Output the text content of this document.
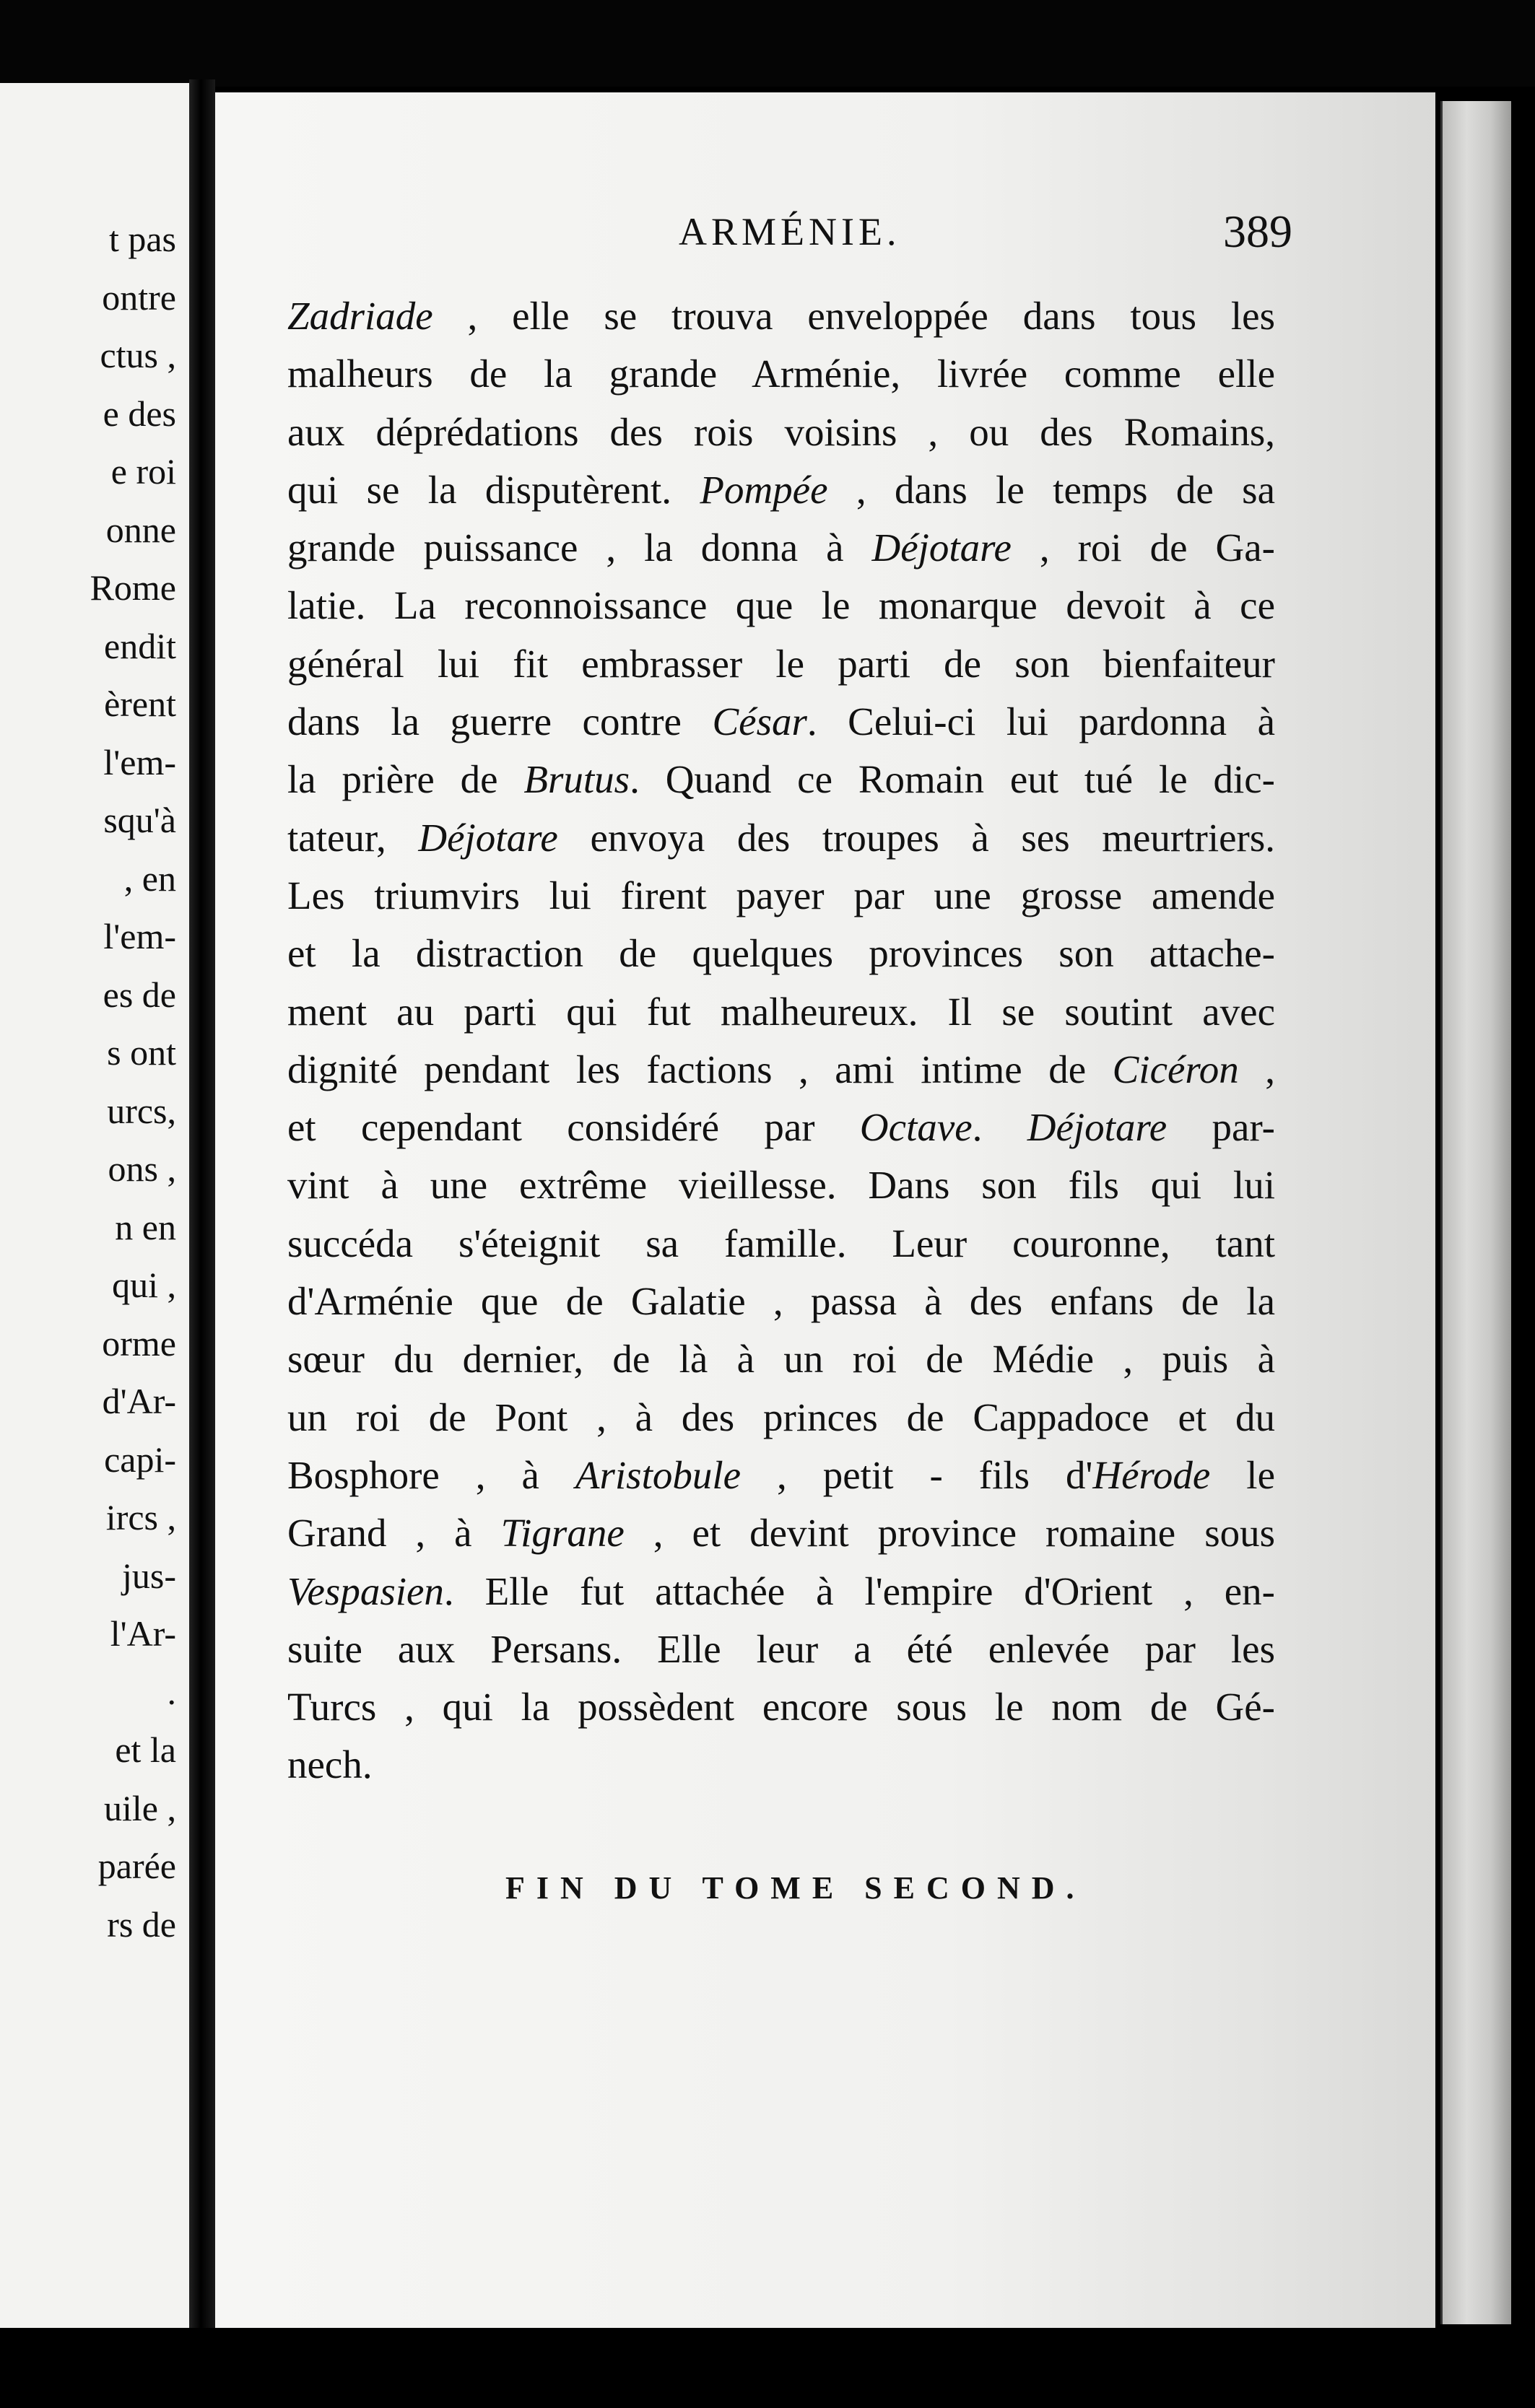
t pas
ontre
ctus ,
e des
e roi
onne
Rome
endit
èrent
l'em-
squ'à
, en
l'em-
es de
s ont
urcs,
ons ,
n en
qui ,
orme
d'Ar-
capi-
ircs ,
jus-
l'Ar-
.
et la
uile ,
parée
rs de
ARMÉNIE.	389
Zadriade , elle se trouva enveloppée dans tous les
malheurs de la grande Arménie, livrée comme elle
aux déprédations des rois voisins , ou des Romains,
qui se la disputèrent. Pompée , dans le temps de sa
grande puissance , la donna à Déjotare , roi de Ga-
latie. La reconnoissance que le monarque devoit à ce
général lui fit embrasser le parti de son bienfaiteur
dans la guerre contre César. Celui-ci lui pardonna à
la prière de Brutus. Quand ce Romain eut tué le dic-
tateur, Déjotare envoya des troupes à ses meurtriers.
Les triumvirs lui firent payer par une grosse amende
et la distraction de quelques provinces son attache-
ment au parti qui fut malheureux. Il se soutint avec
dignité pendant les factions , ami intime de Cicéron ,
et cependant considéré par Octave. Déjotare par-
vint à une extrême vieillesse. Dans son fils qui lui
succéda s'éteignit sa famille. Leur couronne, tant
d'Arménie que de Galatie , passa à des enfans de la
sœur du dernier, de là à un roi de Médie , puis à
un roi de Pont , à des princes de Cappadoce et du
Bosphore , à Aristobule , petit - fils d'Hérode le
Grand , à Tigrane , et devint province romaine sous
Vespasien. Elle fut attachée à l'empire d'Orient , en-
suite aux Persans. Elle leur a été enlevée par les
Turcs , qui la possèdent encore sous le nom de Gé-
nech.
FIN DU TOME SECOND.
